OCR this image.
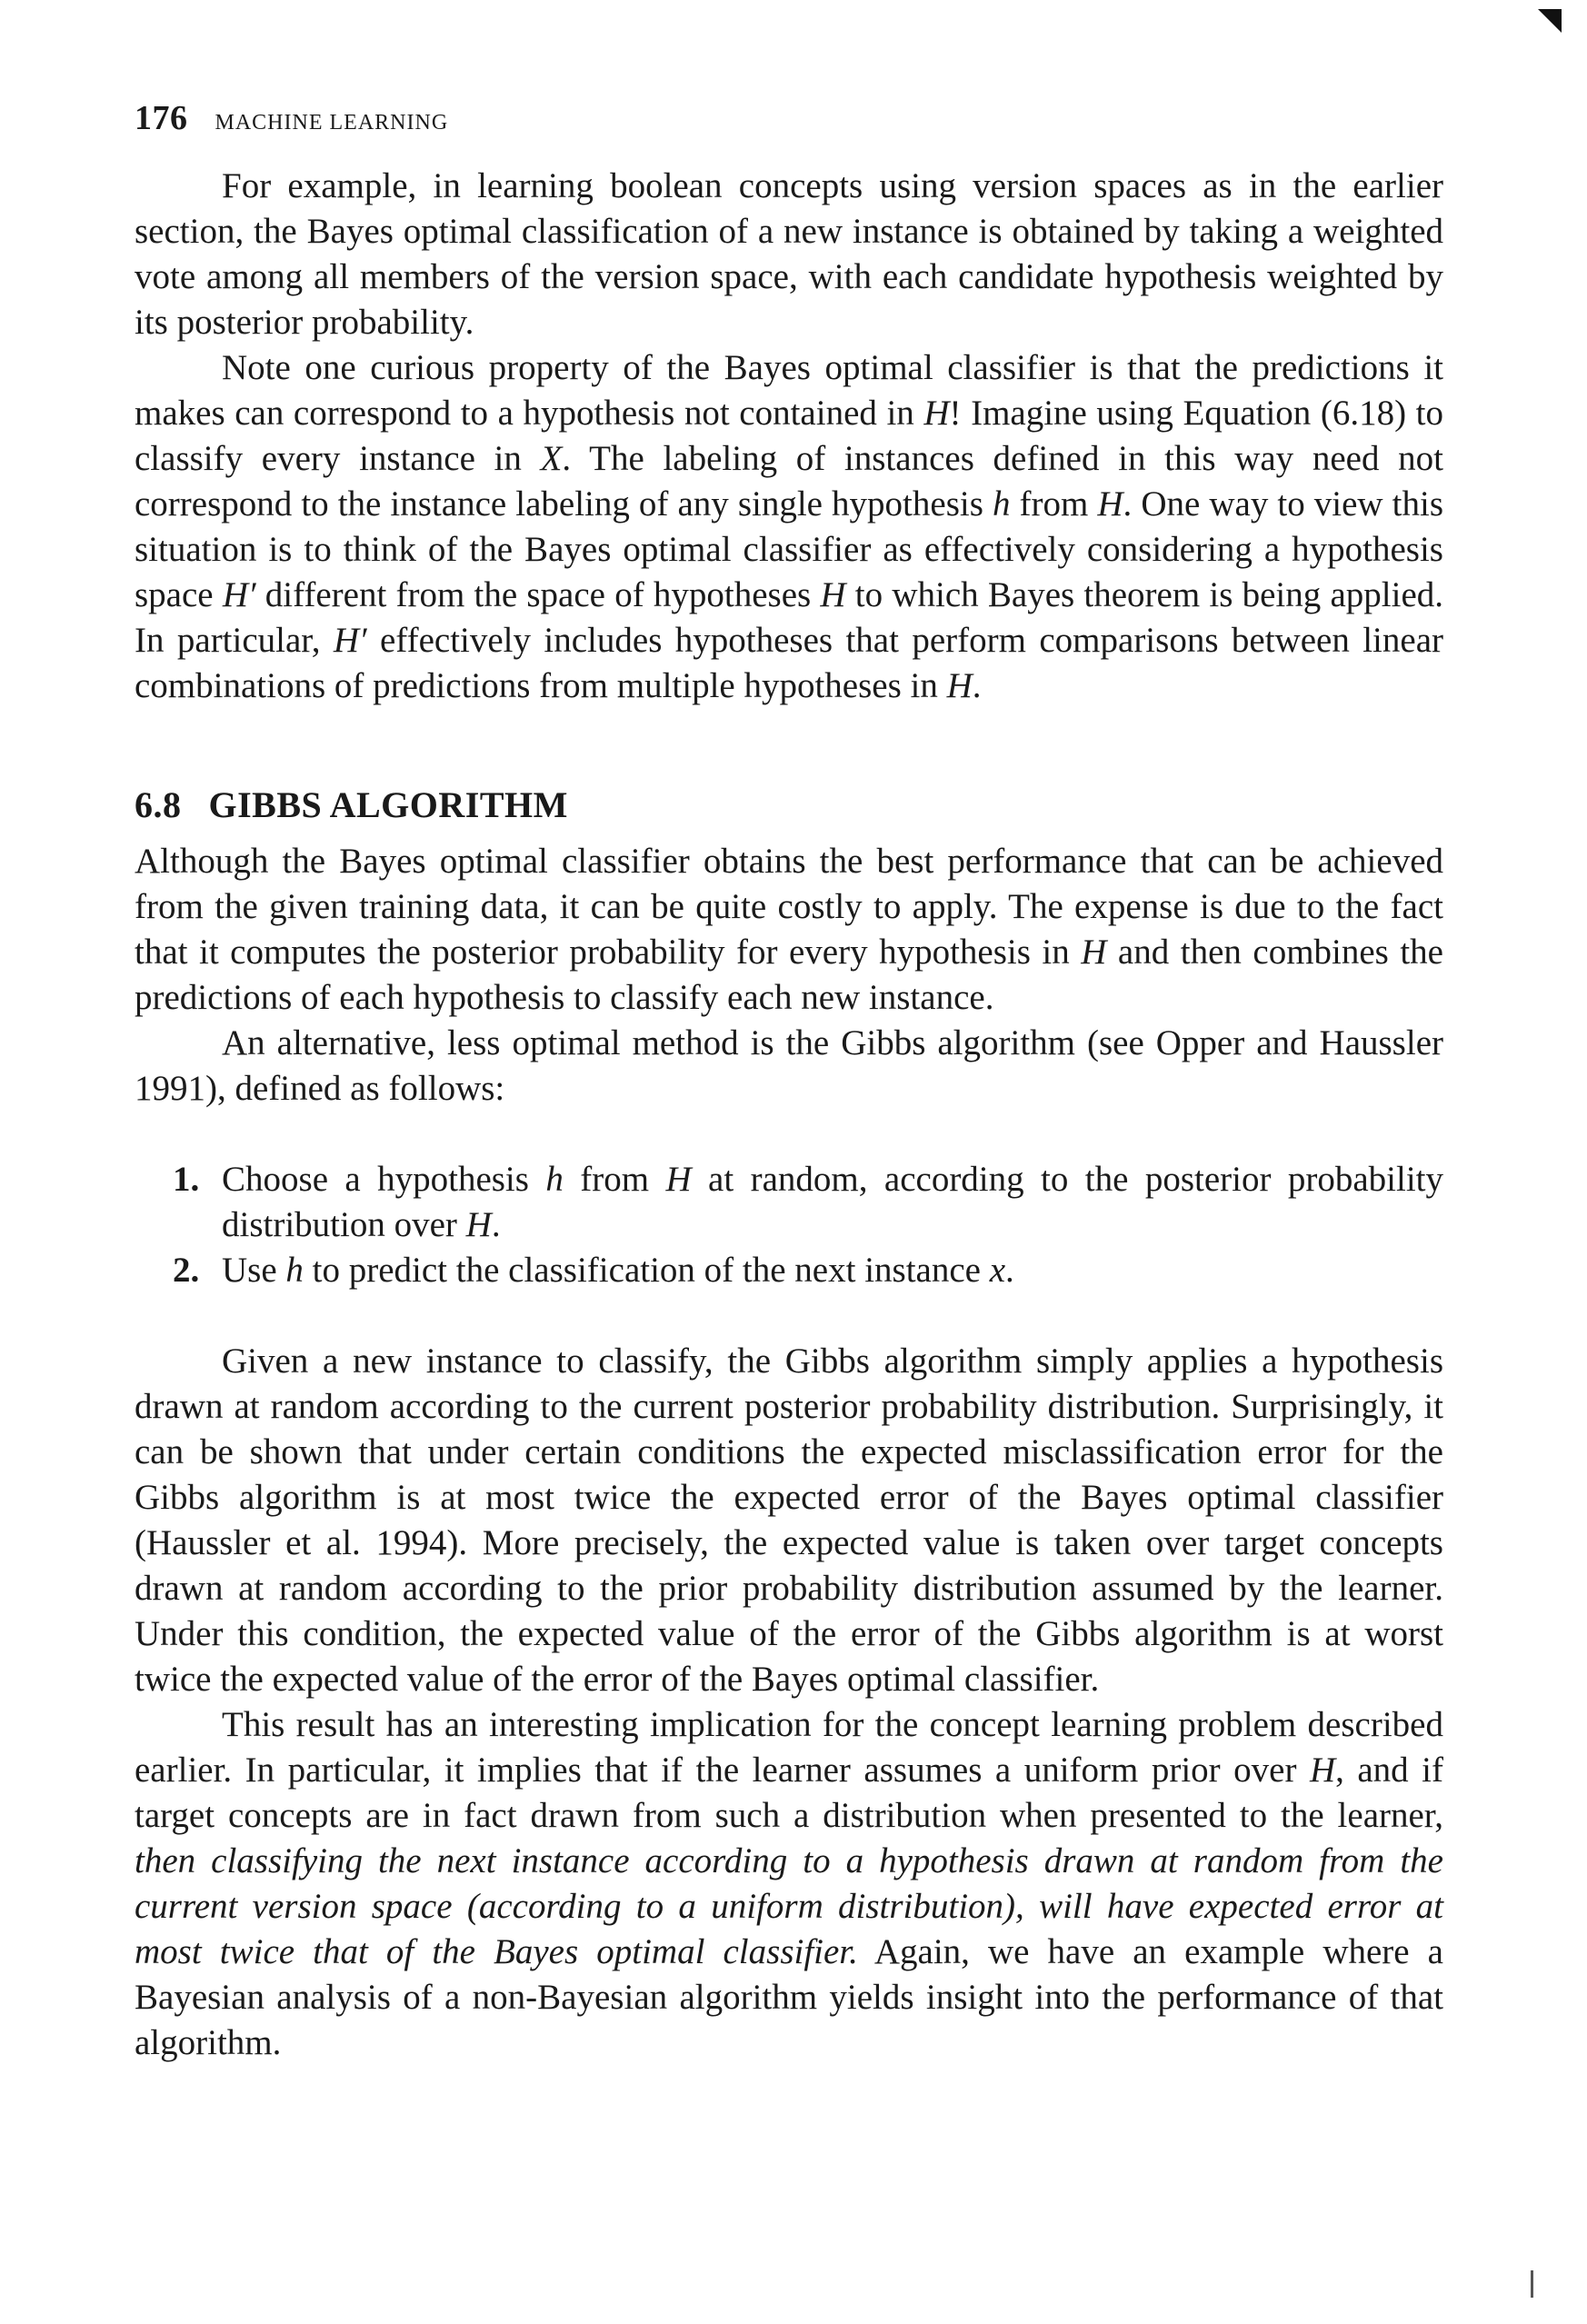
176 MACHINE LEARNING

For example, in learning boolean concepts using version spaces as in the earlier section, the Bayes optimal classification of a new instance is obtained by taking a weighted vote among all members of the version space, with each candidate hypothesis weighted by its posterior probability.

Note one curious property of the Bayes optimal classifier is that the predictions it makes can correspond to a hypothesis not contained in H! Imagine using Equation (6.18) to classify every instance in X. The labeling of instances defined in this way need not correspond to the instance labeling of any single hypothesis h from H. One way to view this situation is to think of the Bayes optimal classifier as effectively considering a hypothesis space H′ different from the space of hypotheses H to which Bayes theorem is being applied. In particular, H′ effectively includes hypotheses that perform comparisons between linear combinations of predictions from multiple hypotheses in H.

6.8 GIBBS ALGORITHM

Although the Bayes optimal classifier obtains the best performance that can be achieved from the given training data, it can be quite costly to apply. The expense is due to the fact that it computes the posterior probability for every hypothesis in H and then combines the predictions of each hypothesis to classify each new instance.

An alternative, less optimal method is the Gibbs algorithm (see Opper and Haussler 1991), defined as follows:

1. Choose a hypothesis h from H at random, according to the posterior probability distribution over H.
2. Use h to predict the classification of the next instance x.

Given a new instance to classify, the Gibbs algorithm simply applies a hypothesis drawn at random according to the current posterior probability distribution. Surprisingly, it can be shown that under certain conditions the expected misclassification error for the Gibbs algorithm is at most twice the expected error of the Bayes optimal classifier (Haussler et al. 1994). More precisely, the expected value is taken over target concepts drawn at random according to the prior probability distribution assumed by the learner. Under this condition, the expected value of the error of the Gibbs algorithm is at worst twice the expected value of the error of the Bayes optimal classifier.

This result has an interesting implication for the concept learning problem described earlier. In particular, it implies that if the learner assumes a uniform prior over H, and if target concepts are in fact drawn from such a distribution when presented to the learner, then classifying the next instance according to a hypothesis drawn at random from the current version space (according to a uniform distribution), will have expected error at most twice that of the Bayes optimal classifier. Again, we have an example where a Bayesian analysis of a non-Bayesian algorithm yields insight into the performance of that algorithm.
